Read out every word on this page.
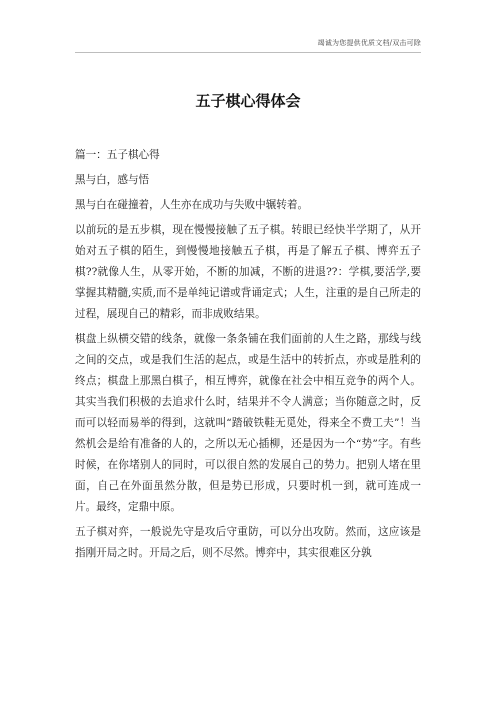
竭诚为您提供优质文档/双击可除
五子棋心得体会

篇一：五子棋心得

黑与白，感与悟

黑与白在碰撞着，人生亦在成功与失败中辗转着。

以前玩的是五步棋，现在慢慢接触了五子棋。转眼已经快半学期了，从开始对五子棋的陌生，到慢慢地接触五子棋，再是了解五子棋、博弈五子棋??就像人生，从零开始，不断的加减，不断的进退??：学棋,要活学,要掌握其精髓,实质,而不是单纯记谱或背诵定式；人生，注重的是自己所走的过程，展现自己的精彩，而非成败结果。

棋盘上纵横交错的线条，就像一条条铺在我们面前的人生之路，那线与线之间的交点，或是我们生活的起点，或是生活中的转折点，亦或是胜利的终点；棋盘上那黑白棋子，相互博弈，就像在社会中相互竞争的两个人。其实当我们积极的去追求什么时，结果并不令人满意；当你随意之时，反而可以轻而易举的得到，这就叫“踏破铁鞋无觅处，得来全不费工夫”！当然机会是给有准备的人的，之所以无心插柳，还是因为一个“势”字。有些时候，在你堵别人的同时，可以很自然的发展自己的势力。把别人堵在里面，自己在外面虽然分散，但是势已形成，只要时机一到，就可连成一片。最终，定鼎中原。

五子棋对弈，一般说先守是攻后守重防，可以分出攻防。然而，这应该是指刚开局之时。开局之后，则不尽然。博弈中，其实很难区分孰
